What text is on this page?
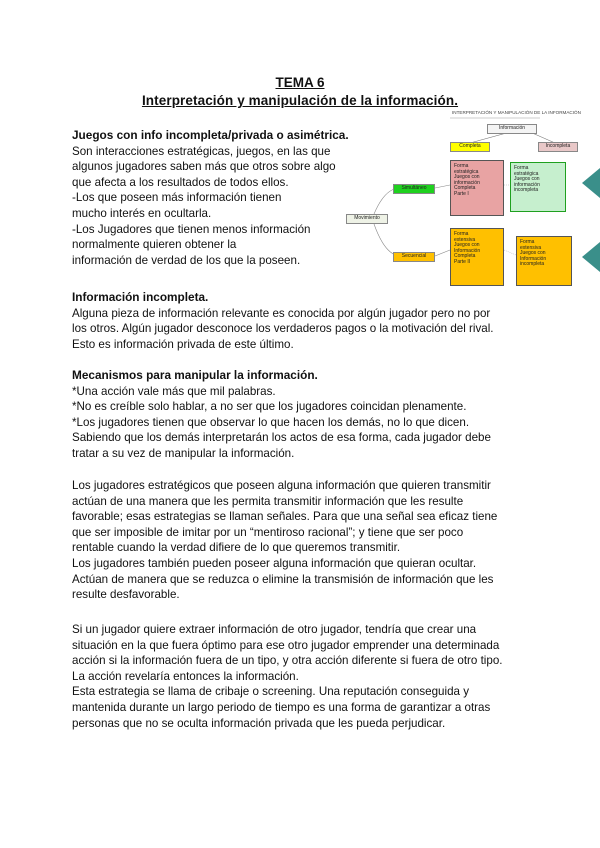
TEMA 6
Interpretación y manipulación de la información.
Juegos con info incompleta/privada o asimétrica.

Son interacciones estratégicas, juegos, en las que

algunos jugadores saben más que otros sobre algo

que afecta a los resultados de todos ellos.

-Los que poseen más información tienen

mucho interés en ocultarla.

-Los Jugadores que tienen menos información

normalmente quieren obtener la

información de verdad de los que la poseen.

INTERPRETACIÓN Y MANIPULACIÓN DE LA INFORMACIÓN
Información
Completa	Incompleta
Movimiento
Simultáneo
Secuencial
Forma
estratégica
Juegos con
información
Completa
Parte I
Forma
estratégica
Juegos con
información
incompleta
Forma
extensiva
Juegos con
Información
Completa
Parte II
Forma
extensiva
Juegos con
Información
incompleta
Información incompleta.

Alguna pieza de información relevante es conocida por algún jugador pero no por

los otros. Algún jugador desconoce los verdaderos pagos o la motivación del rival.

Esto es información privada de este último.

Mecanismos para manipular la información.

*Una acción vale más que mil palabras.

*No es creíble solo hablar, a no ser que los jugadores coincidan plenamente.

*Los jugadores tienen que observar lo que hacen los demás, no lo que dicen.

Sabiendo que los demás interpretarán los actos de esa forma, cada jugador debe

tratar a su vez de manipular la información.

Los jugadores estratégicos que poseen alguna información que quieren transmitir

actúan de una manera que les permita transmitir información que les resulte

favorable; esas estrategias se llaman señales. Para que una señal sea eficaz tiene

que ser imposible de imitar por un “mentiroso racional”; y tiene que ser poco

rentable cuando la verdad difiere de lo que queremos transmitir.

Los jugadores también pueden poseer alguna información que quieran ocultar.

Actúan de manera que se reduzca o elimine la transmisión de información que les

resulte desfavorable.

Si un jugador quiere extraer información de otro jugador, tendría que crear una

situación en la que fuera óptimo para ese otro jugador emprender una determinada

acción si la información fuera de un tipo, y otra acción diferente si fuera de otro tipo.

La acción revelaría entonces la información.

Esta estrategia se llama de cribaje o screening. Una reputación conseguida y

mantenida durante un largo periodo de tiempo es una forma de garantizar a otras

personas que no se oculta información privada que les pueda perjudicar.
